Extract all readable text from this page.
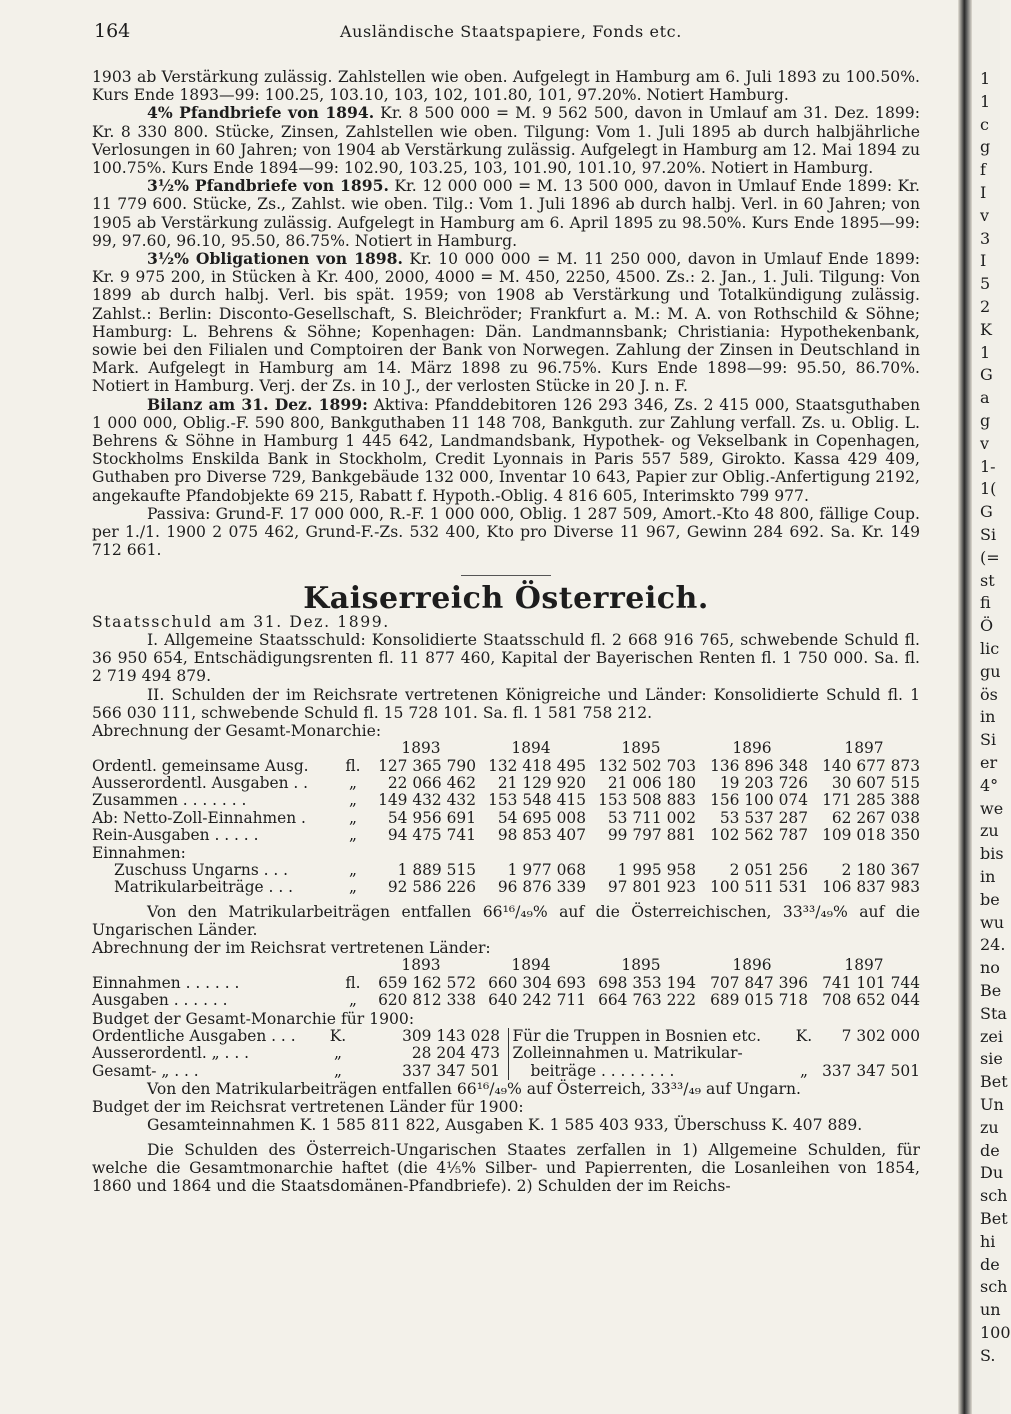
164	Ausländische Staatspapiere, Fonds etc.

1903 ab Verstärkung zulässig. Zahlstellen wie oben. Aufgelegt in Hamburg am 6. Juli 1893 zu 100.50%. Kurs Ende 1893—99: 100.25, 103.10, 103, 102, 101.80, 101, 97.20%. Notiert Hamburg.

4% Pfandbriefe von 1894. Kr. 8 500 000 = M. 9 562 500, davon in Umlauf am 31. Dez. 1899: Kr. 8 330 800. Stücke, Zinsen, Zahlstellen wie oben. Tilgung: Vom 1. Juli 1895 ab durch halbjährliche Verlosungen in 60 Jahren; von 1904 ab Verstärkung zulässig. Aufgelegt in Hamburg am 12. Mai 1894 zu 100.75%. Kurs Ende 1894—99: 102.90, 103.25, 103, 101.90, 101.10, 97.20%. Notiert in Hamburg.

3½% Pfandbriefe von 1895. Kr. 12 000 000 = M. 13 500 000, davon in Umlauf Ende 1899: Kr. 11 779 600. Stücke, Zs., Zahlst. wie oben. Tilg.: Vom 1. Juli 1896 ab durch halbj. Verl. in 60 Jahren; von 1905 ab Verstärkung zulässig. Aufgelegt in Hamburg am 6. April 1895 zu 98.50%. Kurs Ende 1895—99: 99, 97.60, 96.10, 95.50, 86.75%. Notiert in Hamburg.

3½% Obligationen von 1898. Kr. 10 000 000 = M. 11 250 000, davon in Umlauf Ende 1899: Kr. 9 975 200, in Stücken à Kr. 400, 2000, 4000 = M. 450, 2250, 4500. Zs.: 2. Jan., 1. Juli. Tilgung: Von 1899 ab durch halbj. Verl. bis spät. 1959; von 1908 ab Verstärkung und Totalkündigung zulässig. Zahlst.: Berlin: Disconto-Gesellschaft, S. Bleichröder; Frankfurt a. M.: M. A. von Rothschild & Söhne; Hamburg: L. Behrens & Söhne; Kopenhagen: Dän. Landmannsbank; Christiania: Hypothekenbank, sowie bei den Filialen und Comptoiren der Bank von Norwegen. Zahlung der Zinsen in Deutschland in Mark. Aufgelegt in Hamburg am 14. März 1898 zu 96.75%. Kurs Ende 1898—99: 95.50, 86.70%. Notiert in Hamburg. Verj. der Zs. in 10 J., der verlosten Stücke in 20 J. n. F.

Bilanz am 31. Dez. 1899: Aktiva: Pfanddebitoren 126 293 346, Zs. 2 415 000, Staatsguthaben 1 000 000, Oblig.-F. 590 800, Bankguthaben 11 148 708, Bankguth. zur Zahlung verfall. Zs. u. Oblig. L. Behrens & Söhne in Hamburg 1 445 642, Landmandsbank, Hypothek- og Vekselbank in Copenhagen, Stockholms Enskilda Bank in Stockholm, Credit Lyonnais in Paris 557 589, Girokto. Kassa 429 409, Guthaben pro Diverse 729, Bankgebäude 132 000, Inventar 10 643, Papier zur Oblig.-Anfertigung 2192, angekaufte Pfandobjekte 69 215, Rabatt f. Hypoth.-Oblig. 4 816 605, Interimskto 799 977.

Passiva: Grund-F. 17 000 000, R.-F. 1 000 000, Oblig. 1 287 509, Amort.-Kto 48 800, fällige Coup. per 1./1. 1900 2 075 462, Grund-F.-Zs. 532 400, Kto pro Diverse 11 967, Gewinn 284 692. Sa. Kr. 149 712 661.

Kaiserreich Österreich.

Staatsschuld am 31. Dez. 1899.

I. Allgemeine Staatsschuld: Konsolidierte Staatsschuld fl. 2 668 916 765, schwebende Schuld fl. 36 950 654, Entschädigungsrenten fl. 11 877 460, Kapital der Bayerischen Renten fl. 1 750 000. Sa. fl. 2 719 494 879.

II. Schulden der im Reichsrate vertretenen Königreiche und Länder: Konsolidierte Schuld fl. 1 566 030 111, schwebende Schuld fl. 15 728 101. Sa. fl. 1 581 758 212.

Abrechnung der Gesamt-Monarchie:

		1893	1894	1895	1896	1897
Ordentl. gemeinsame Ausg.	fl.	127 365 790	132 418 495	132 502 703	136 896 348	140 677 873
Ausserordentl. Ausgaben . .	„	22 066 462	21 129 920	21 006 180	19 203 726	30 607 515
Zusammen . . . . . . .	„	149 432 432	153 548 415	153 508 883	156 100 074	171 285 388
Ab: Netto-Zoll-Einnahmen .	„	54 956 691	54 695 008	53 711 002	53 537 287	62 267 038
Rein-Ausgaben . . . . .	„	94 475 741	98 853 407	99 797 881	102 562 787	109 018 350
Einnahmen:						
Zuschuss Ungarns . . .	„	1 889 515	1 977 068	1 995 958	2 051 256	2 180 367
Matrikularbeiträge . . .	„	92 586 226	96 876 339	97 801 923	100 511 531	106 837 983

Von den Matrikularbeiträgen entfallen 66¹⁶/₄₉% auf die Österreichischen, 33³³/₄₉% auf die Ungarischen Länder.

Abrechnung der im Reichsrat vertretenen Länder:

		1893	1894	1895	1896	1897
Einnahmen . . . . . .	fl.	659 162 572	660 304 693	698 353 194	707 847 396	741 101 744
Ausgaben . . . . . .	„	620 812 338	640 242 711	664 763 222	689 015 718	708 652 044

Budget der Gesamt-Monarchie für 1900:

Ordentliche Ausgaben . . .	K.	309 143 028		Für die Truppen in Bosnien etc.	K.	7 302 000
Ausserordentl. „ . . .	„	28 204 473		Zolleinnahmen u. Matrikular-		
Gesamt- „ . . .	„	337 347 501		beiträge . . . . . . . .	„	337 347 501

Von den Matrikularbeiträgen entfallen 66¹⁶/₄₉% auf Österreich, 33³³/₄₉ auf Ungarn.

Budget der im Reichsrat vertretenen Länder für 1900:

Gesamteinnahmen K. 1 585 811 822, Ausgaben K. 1 585 403 933, Überschuss K. 407 889.

Die Schulden des Österreich-Ungarischen Staates zerfallen in 1) Allgemeine Schulden, für welche die Gesamtmonarchie haftet (die 4⅕% Silber- und Papierrenten, die Losanleihen von 1854, 1860 und 1864 und die Staatsdomänen-Pfandbriefe). 2) Schulden der im Reichs-

1
1
c
g
f
I
v
3
I
5
2
K
1
G
a
g
v
1-
1(
G
Si
(=
st
fi
Ö
lic
gu
ös
in
Si
er
4°
we
zu
bis
in
be
wu
24.
no
Be
Sta
zei
sie
Bet
Un
zu
de
Du
sch
Bet
hi
de
sch
un
100
S.
